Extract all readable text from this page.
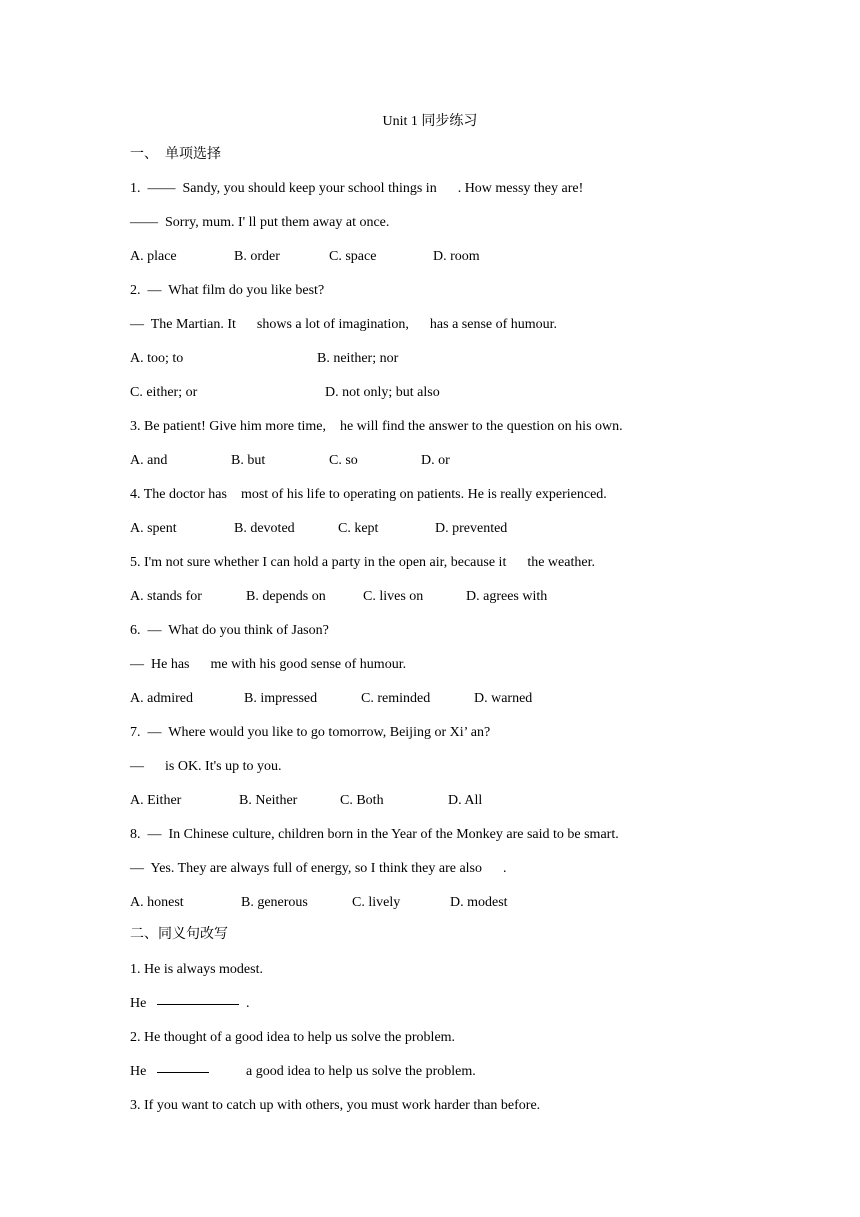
Unit 1 同步练习
一、  单项选择
1.  ——  Sandy, you should keep your school things in      . How messy they are!
——  Sorry, mum. I' ll put them away at once.
A. place	B. order	C. space	D. room
2.  —  What film do you like best?
—  The Martian. It      shows a lot of imagination,      has a sense of humour.
A. too; to	B. neither; nor
C. either; or	D. not only; but also
3. Be patient! Give him more time,    he will find the answer to the question on his own.
A. and	B. but	C. so	D. or
4. The doctor has    most of his life to operating on patients. He is really experienced.
A. spent	B. devoted	C. kept	D. prevented
5. I'm not sure whether I can hold a party in the open air, because it      the weather.
A. stands for	B. depends on	C. lives on	D. agrees with
6.  —  What do you think of Jason?
—  He has      me with his good sense of humour.
A. admired	B. impressed	C. reminded	D. warned
7.  —  Where would you like to go tomorrow, Beijing or Xi’ an?
—      is OK. It's up to you.
A. Either	B. Neither	C. Both	D. All
8.  —  In Chinese culture, children born in the Year of the Monkey are said to be smart.
—  Yes. They are always full of energy, so I think they are also      .
A. honest	B. generous	C. lively	D. modest
二、同义句改写
1. He is always modest.
He	.
2. He thought of a good idea to help us solve the problem.
He	a good idea to help us solve the problem.
3. If you want to catch up with others, you must work harder than before.
